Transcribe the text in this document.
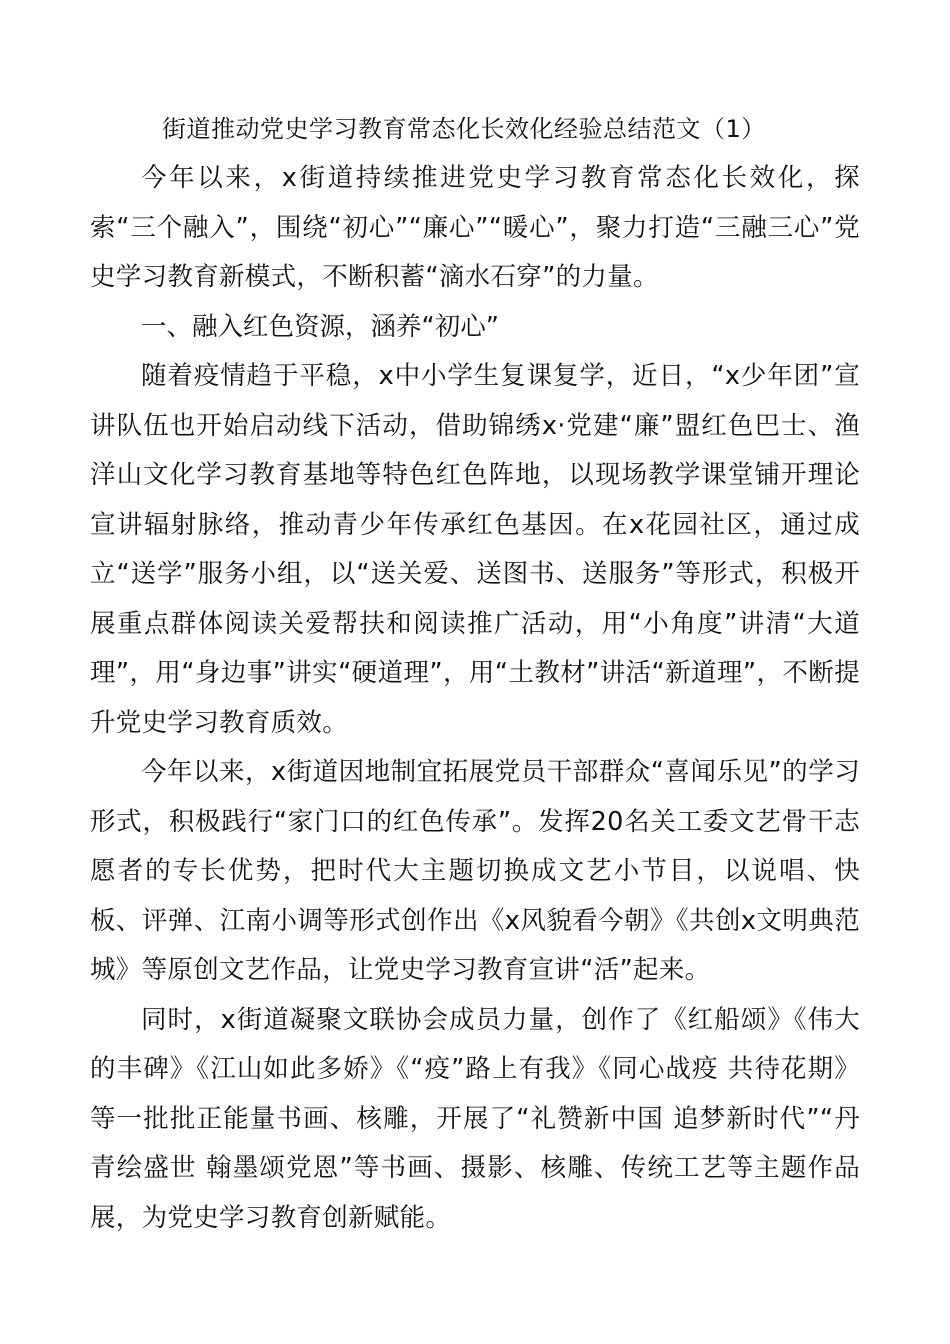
街道推动党史学习教育常态化长效化经验总结范文（1）

今年以来，x街道持续推进党史学习教育常态化长效化，探索“三个融入”，围绕“初心”“廉心”“暖心”，聚力打造“三融三心”党史学习教育新模式，不断积蓄“滴水石穿”的力量。

一、融入红色资源，涵养“初心”

随着疫情趋于平稳，x中小学生复课复学，近日，“x少年团”宣讲队伍也开始启动线下活动，借助锦绣x·党建“廉”盟红色巴士、渔洋山文化学习教育基地等特色红色阵地，以现场教学课堂铺开理论宣讲辐射脉络，推动青少年传承红色基因。在x花园社区，通过成立“送学”服务小组，以“送关爱、送图书、送服务”等形式，积极开展重点群体阅读关爱帮扶和阅读推广活动，用“小角度”讲清“大道理”，用“身边事”讲实“硬道理”，用“土教材”讲活“新道理”，不断提升党史学习教育质效。

今年以来，x街道因地制宜拓展党员干部群众“喜闻乐见”的学习形式，积极践行“家门口的红色传承”。发挥20名关工委文艺骨干志愿者的专长优势，把时代大主题切换成文艺小节目，以说唱、快板、评弹、江南小调等形式创作出《x风貌看今朝》《共创x文明典范城》等原创文艺作品，让党史学习教育宣讲“活”起来。

同时，x街道凝聚文联协会成员力量，创作了《红船颂》《伟大的丰碑》《江山如此多娇》《“疫”路上有我》《同心战疫 共待花期》等一批批正能量书画、核雕，开展了“礼赞新中国 追梦新时代”“丹青绘盛世 翰墨颂党恩”等书画、摄影、核雕、传统工艺等主题作品展，为党史学习教育创新赋能。
